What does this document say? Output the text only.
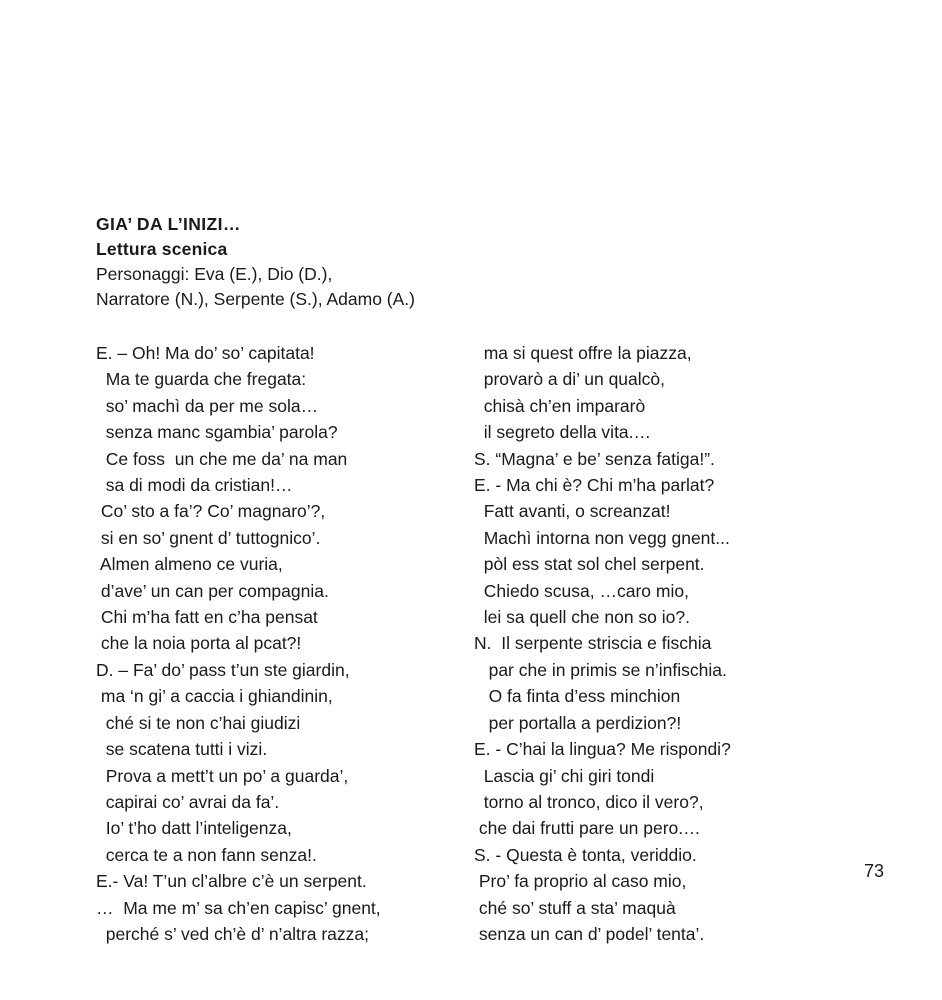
GIA’ DA L’INIZI…

Lettura scenica

Personaggi: Eva (E.), Dio (D.),

Narratore (N.), Serpente (S.), Adamo (A.)

E. – Oh! Ma do’ so’ capitata!

Ma te guarda che fregata:

so’ machì da per me sola…

senza manc sgambia’ parola?

Ce foss  un che me da’ na man

sa di modi da cristian!…

Co’ sto a fa’? Co’ magnaro’?,

si en so’ gnent d’ tuttognico’.

Almen almeno ce vuria,

d’ave’ un can per compagnia.

Chi m’ha fatt en c’ha pensat

che la noia porta al pcat?!

D. – Fa’ do’ pass t’un ste giardin,

ma ‘n gi’ a caccia i ghiandinin,

ché si te non c’hai giudizi

se scatena tutti i vizi.

Prova a mett’t un po’ a guarda’,

capirai co’ avrai da fa’.

Io’ t’ho datt l’inteligenza,

cerca te a non fann senza!.

E.- Va! T’un cl’albre c’è un serpent.

…  Ma me m’ sa ch’en capisc’ gnent,

perché s’ ved ch’è d’ n’altra razza;

ma si quest offre la piazza,

provarò a di’ un qualcò,

chisà ch’en impararò

il segreto della vita.…

S. “Magna’ e be’ senza fatiga!”.

E. - Ma chi è? Chi m’ha parlat?

Fatt avanti, o screanzat!

Machì intorna non vegg gnent...

pòl ess stat sol chel serpent.

Chiedo scusa, …caro mio,

lei sa quell che non so io?.

N.  Il serpente striscia e fischia

par che in primis se n’infischia.

O fa finta d’ess minchion

per portalla a perdizion?!

E. - C’hai la lingua? Me rispondi?

Lascia gi’ chi giri tondi

torno al tronco, dico il vero?,

che dai frutti pare un pero.…

S. - Questa è tonta, veriddio.

Pro’ fa proprio al caso mio,

ché so’ stuff a sta’ maquà

senza un can d’ podel’ tenta’.

73
